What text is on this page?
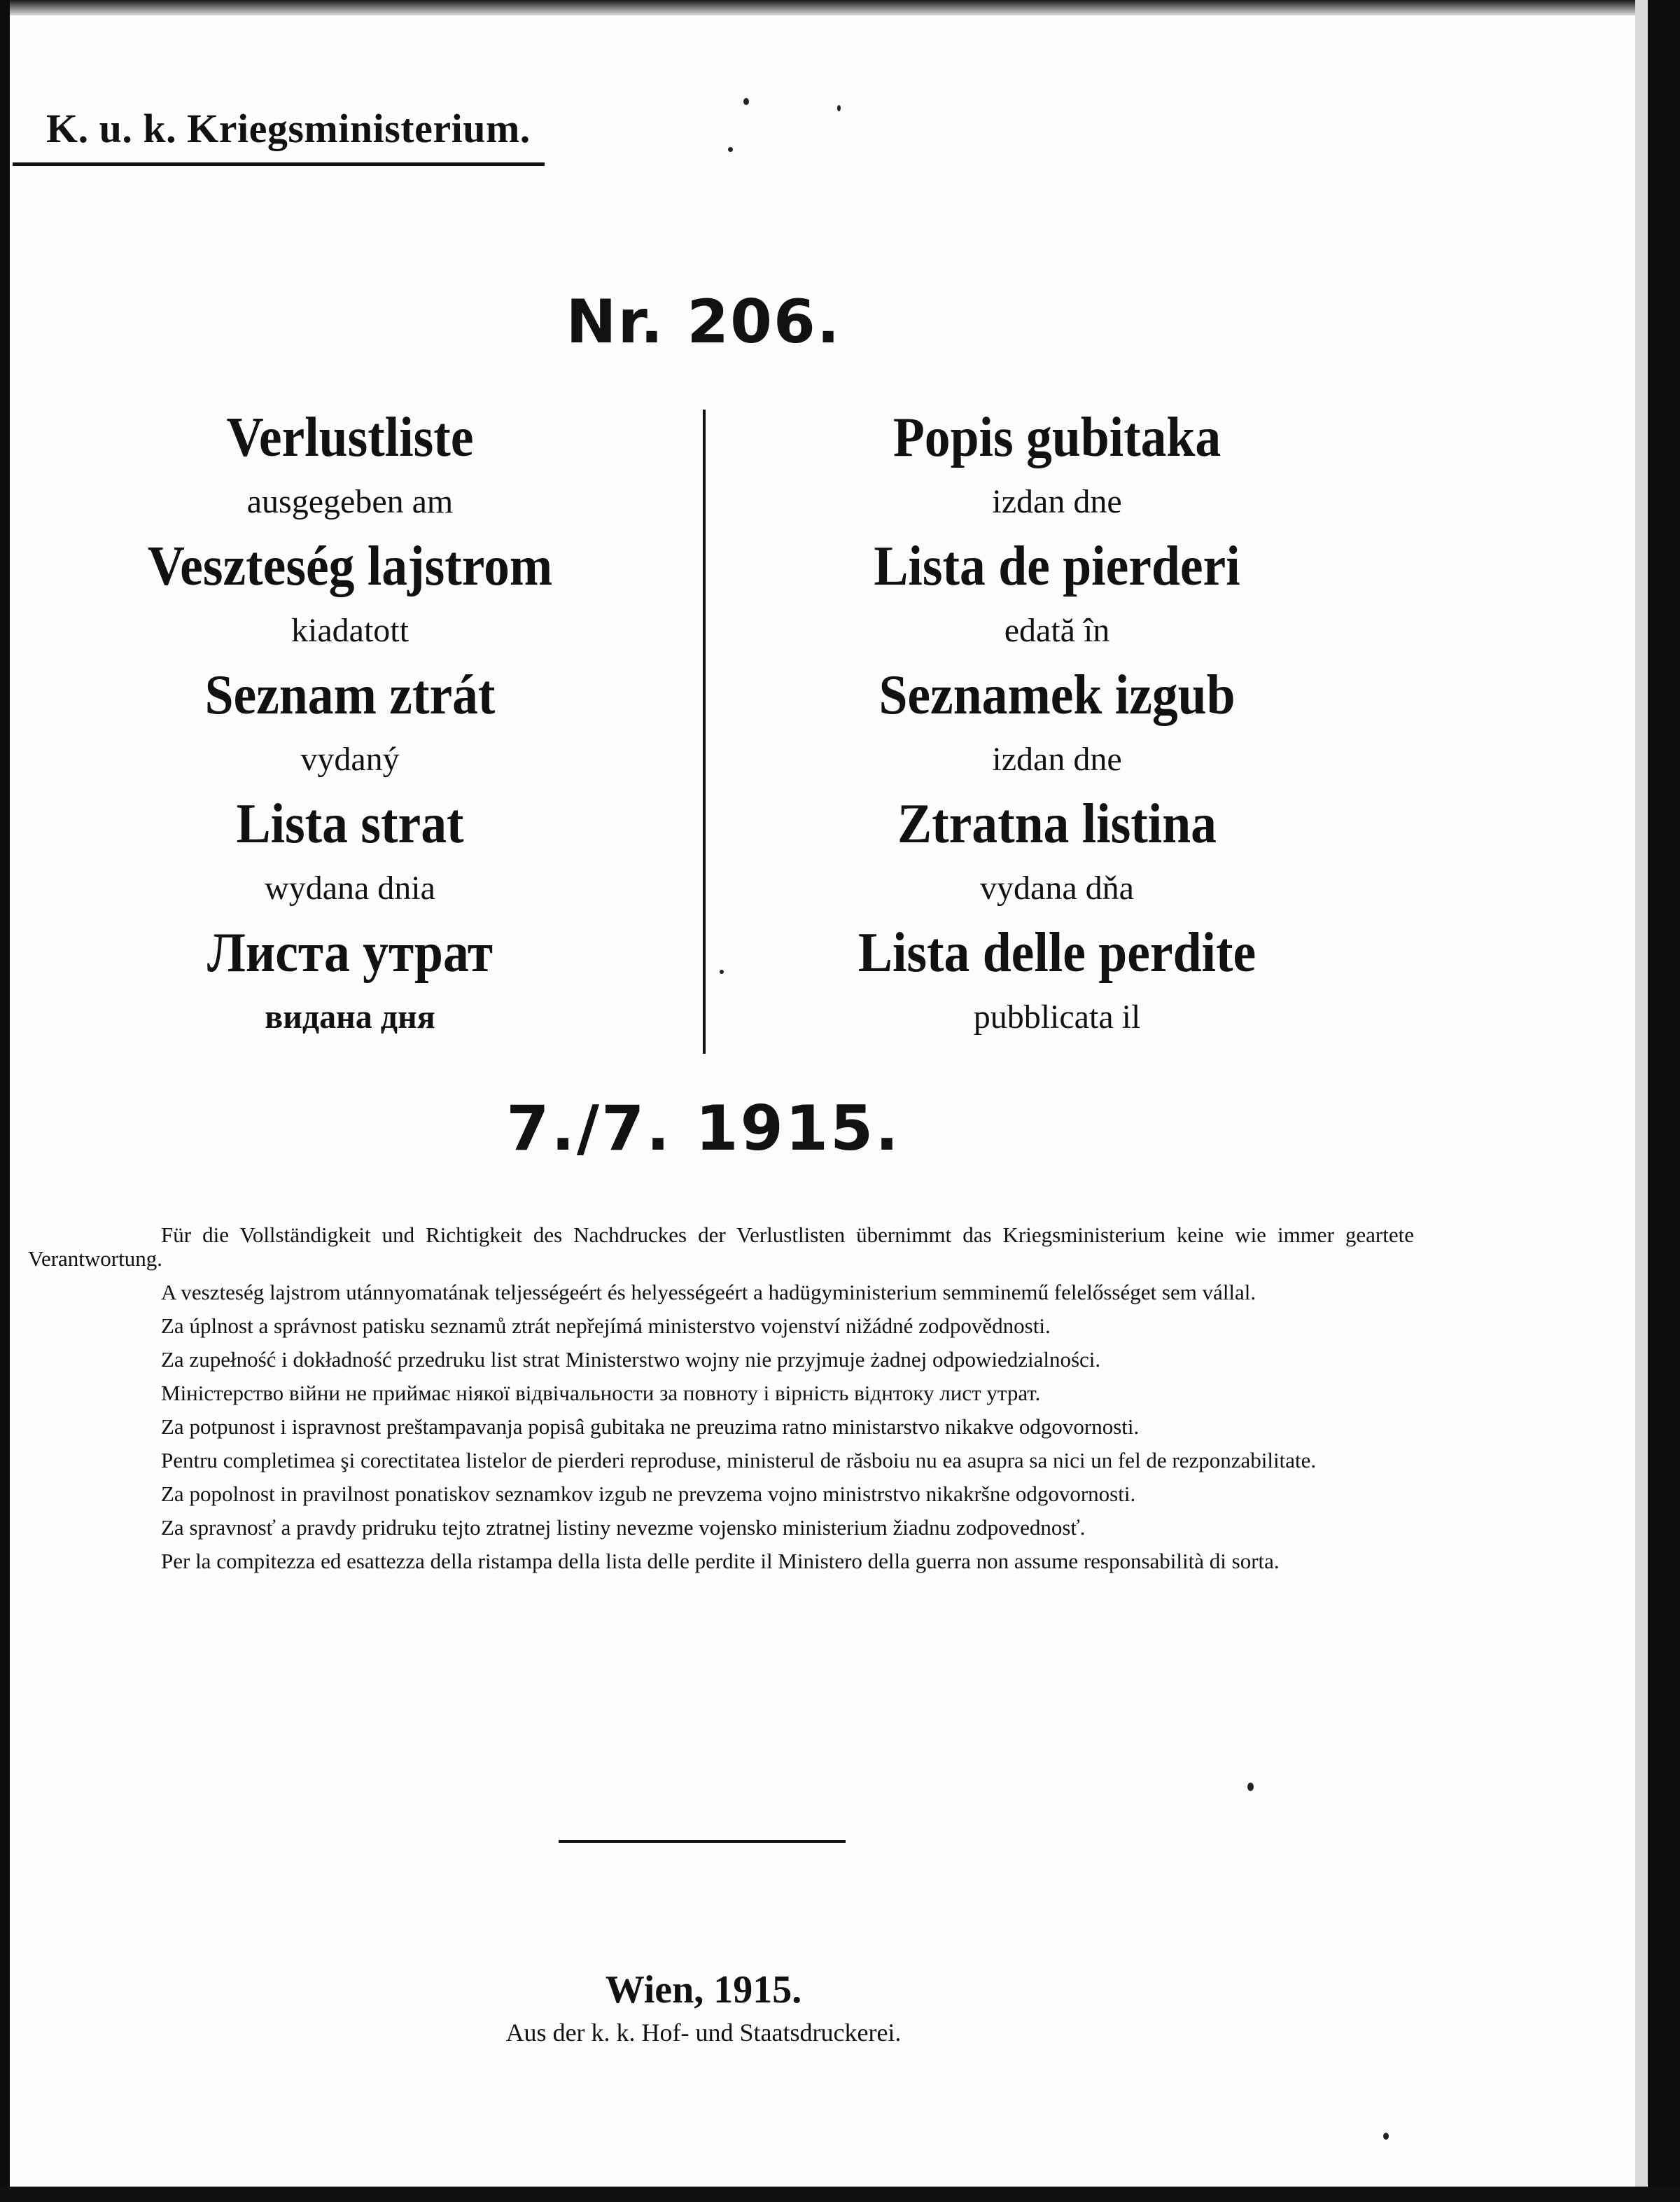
K. u. k. Kriegsministerium.
Nr. 206.
Verlustliste
ausgegeben am
Veszteség lajstrom
kiadatott
Seznam ztrát
vydaný
Lista strat
wydana dnia
Листа утрат
видана дня
Popis gubitaka
izdan dne
Lista de pierderi
edată în
Seznamek izgub
izdan dne
Ztratna listina
vydana dňa
Lista delle perdite
pubblicata il
7./7. 1915.
Für die Vollständigkeit und Richtigkeit des Nachdruckes der Verlustlisten übernimmt das Kriegsministerium keine wie immer geartete Verantwortung.
A veszteség lajstrom utánnyomatának teljességeért és helyességeért a hadügyministerium semminemű felelősséget sem vállal.
Za úplnost a správnost patisku seznamů ztrát nepřejímá ministerstvo vojenství nižádné zodpovědnosti.
Za zupełność i dokładność przedruku list strat Ministerstwo wojny nie przyjmuje żadnej odpowiedzialności.
Міністерство війни не приймає ніякої відвічальности за повноту і вірність віднтоку лист утрат.
Za potpunost i ispravnost preštampavanja popisâ gubitaka ne preuzima ratno ministarstvo nikakve odgovornosti.
Pentru completimea şi corectitatea listelor de pierderi reproduse, ministerul de răsboiu nu ea asupra sa nici un fel de rezponzabilitate.
Za popolnost in pravilnost ponatiskov seznamkov izgub ne prevzema vojno ministrstvo nikakršne odgovornosti.
Za spravnosť a pravdy pridruku tejto ztratnej listiny nevezme vojensko ministerium žiadnu zodpovednosť.
Per la compitezza ed esattezza della ristampa della lista delle perdite il Ministero della guerra non assume responsabilità di sorta.
Wien, 1915.
Aus der k. k. Hof- und Staatsdruckerei.
